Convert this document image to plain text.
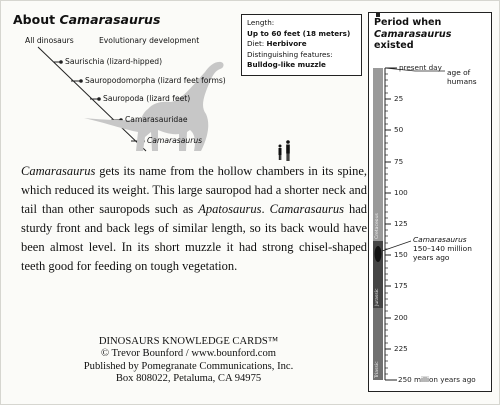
About Camarasaurus
All dinosaurs	Evolutionary development
Saurischia (lizard-hipped)
Sauropodomorpha (lizard feet forms)
Sauropoda (lizard feet)
Camarasauridae
Camarasaurus
Length:
Up to 60 feet (18 meters)
Diet: Herbivore
Distinguishing features:
Bulldog-like muzzle

Camarasaurus gets its name from the hollow chambers in its spine, which reduced its weight. This large sauropod had a shorter neck and tail than other sauropods such as Apatosaurus. Camarasaurus had sturdy front and back legs of similar length, so its back would have been almost level. In its short muzzle it had strong chisel-shaped teeth good for feeding on tough vegetation.

DINOSAURS KNOWLEDGE CARDS™
© Trevor Bounford / www.bounford.com
Published by Pomegranate Communications, Inc.
Box 808022, Petaluma, CA 94975
Period when
Camarasaurus
existed
Cretaceous
Jurassic
Triassic
present day
25
50
75
100
125
150
175
200
225
250 million years ago
age of
humans
Camarasaurus
150–140 million
years ago
